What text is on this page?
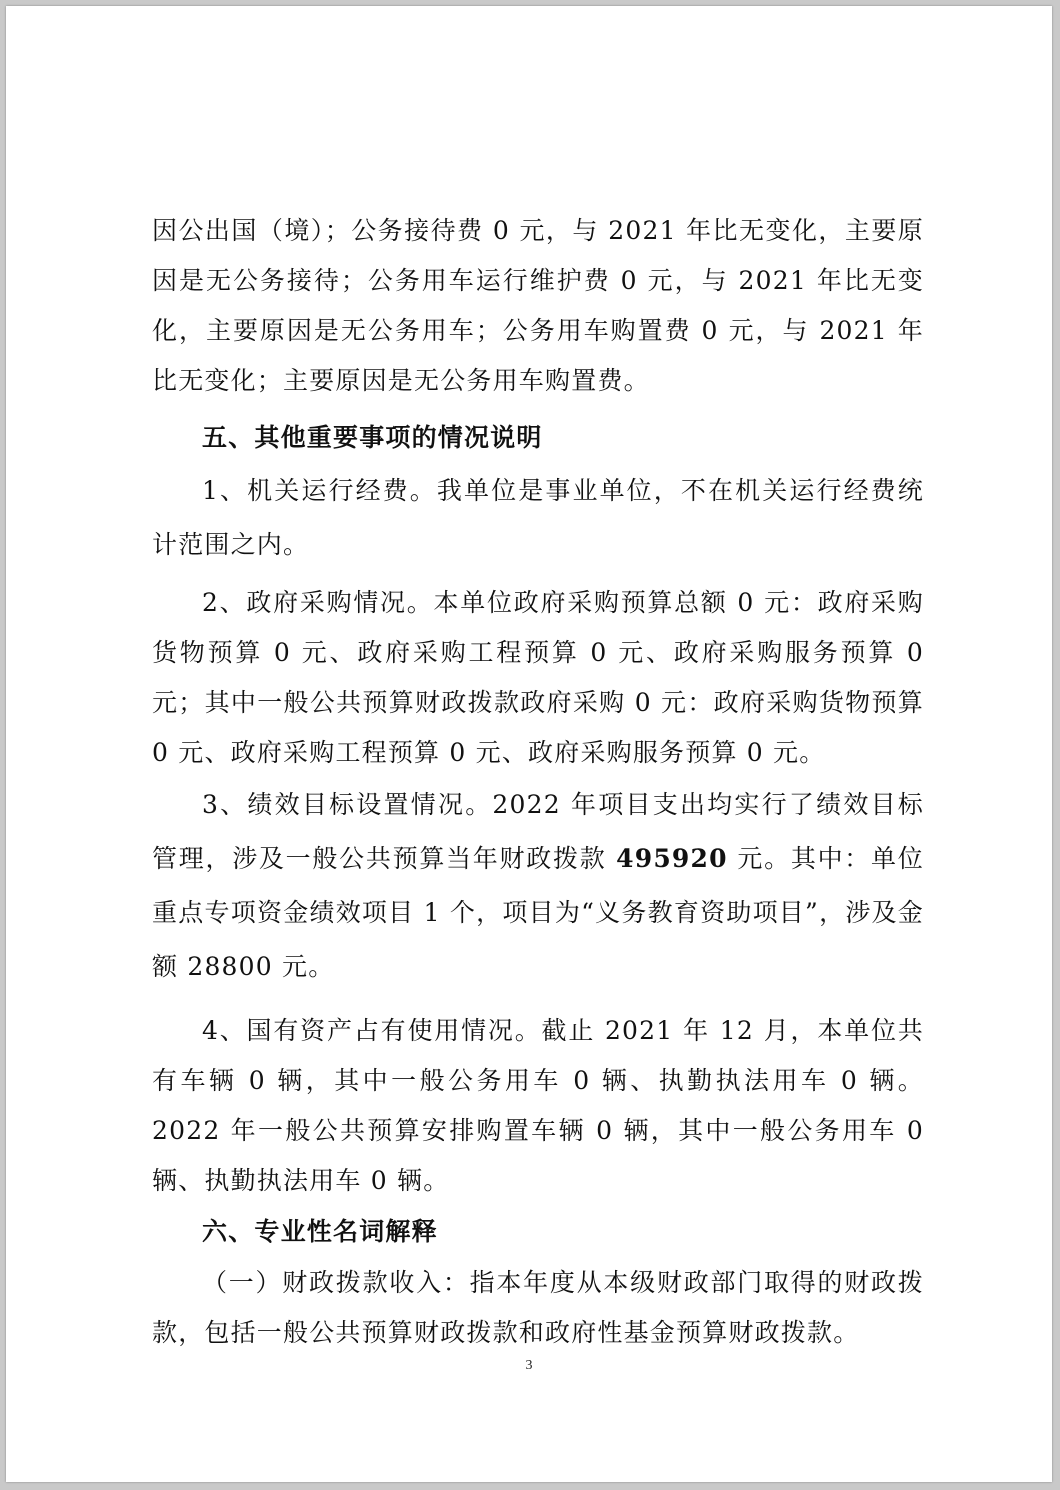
因公出国（境）；公务接待费 0 元，与 2021 年比无变化，主要原因是无公务接待；公务用车运行维护费 0 元，与 2021 年比无变化，主要原因是无公务用车；公务用车购置费 0 元，与 2021 年比无变化；主要原因是无公务用车购置费。

五、其他重要事项的情况说明

1、机关运行经费。我单位是事业单位，不在机关运行经费统计范围之内。

2、政府采购情况。本单位政府采购预算总额 0 元：政府采购货物预算 0 元、政府采购工程预算 0 元、政府采购服务预算 0 元；其中一般公共预算财政拨款政府采购 0 元：政府采购货物预算 0 元、政府采购工程预算 0 元、政府采购服务预算 0 元。

3、绩效目标设置情况。2022 年项目支出均实行了绩效目标管理，涉及一般公共预算当年财政拨款 495920 元。其中：单位重点专项资金绩效项目 1 个，项目为“义务教育资助项目”，涉及金额 28800 元。

4、国有资产占有使用情况。截止 2021 年 12 月，本单位共有车辆 0 辆，其中一般公务用车 0 辆、执勤执法用车 0 辆。2022 年一般公共预算安排购置车辆 0 辆，其中一般公务用车 0 辆、执勤执法用车 0 辆。

六、专业性名词解释

（一）财政拨款收入：指本年度从本级财政部门取得的财政拨款，包括一般公共预算财政拨款和政府性基金预算财政拨款。

3
